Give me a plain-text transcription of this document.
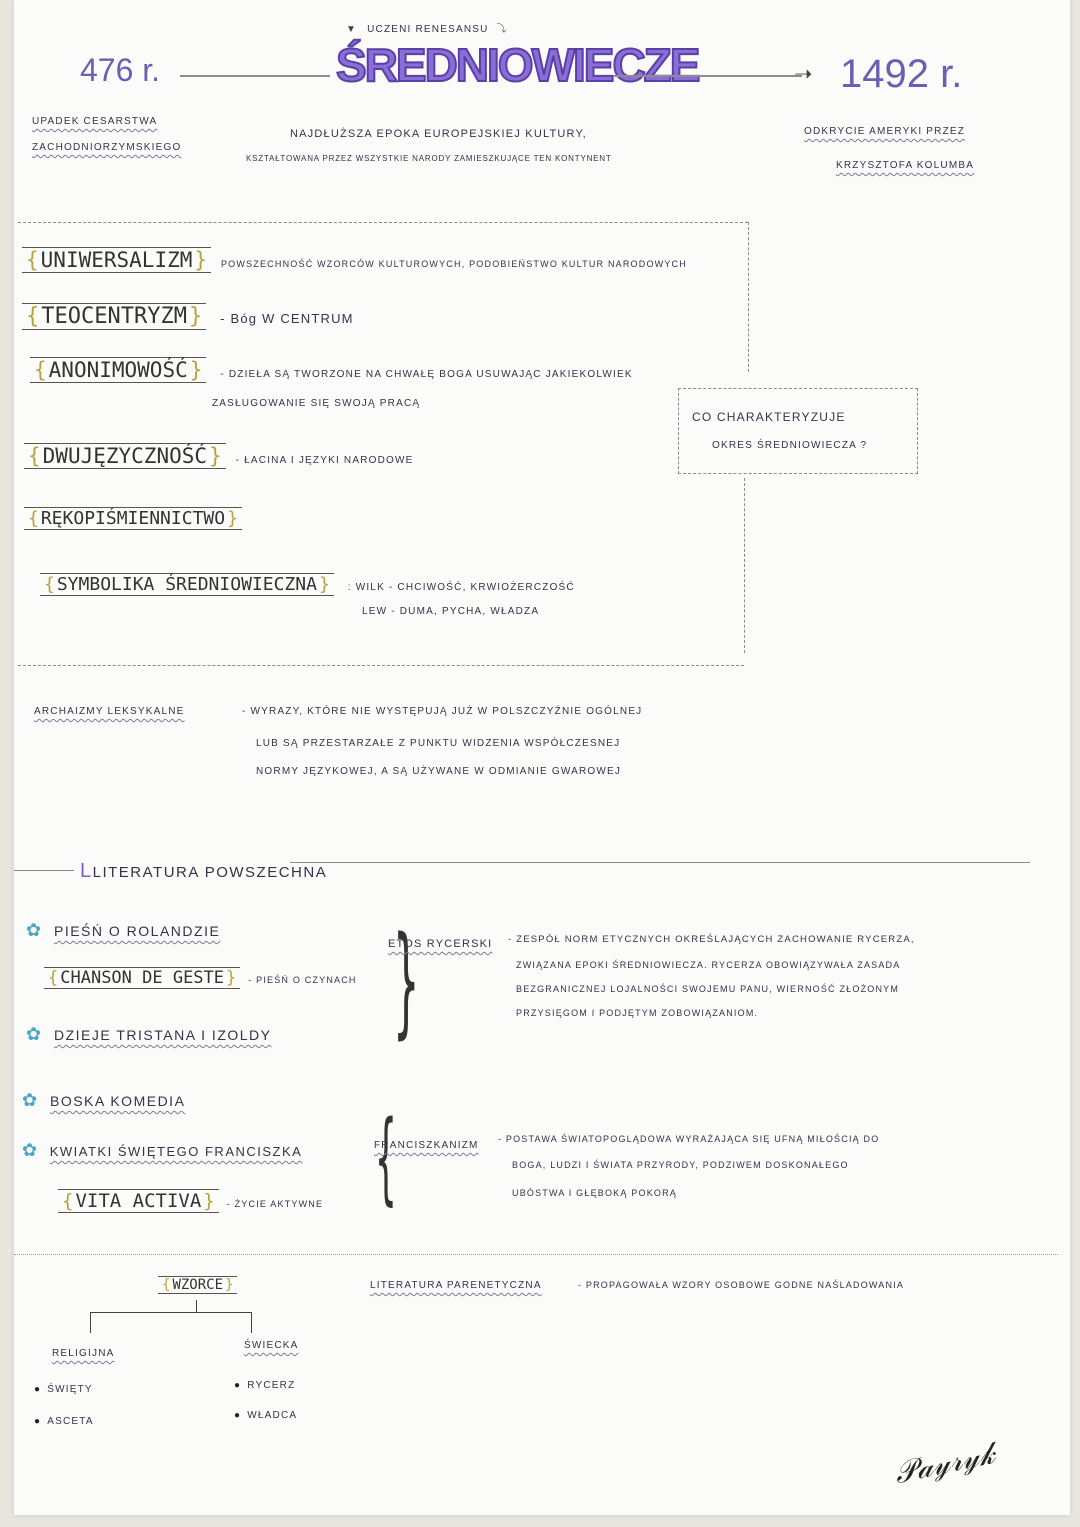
▼ UCZENI RENESANSU ⤵
476 r.	ŚREDNIOWIECZE	➝ 1492 r.
UPADEK CESARSTWA
ZACHODNIORZYMSKIEGO
NAJDŁUŻSZA EPOKA EUROPEJSKIEJ KULTURY,
KSZTAŁTOWANA PRZEZ WSZYSTKIE NARODY ZAMIESZKUJĄCE TEN KONTYNENT
ODKRYCIE AMERYKI PRZEZ
KRZYSZTOFA KOLUMBA
{ UNIWERSALIZM }	POWSZECHNOŚĆ WZORCÓW KULTUROWYCH, PODOBIEŃSTWO KULTUR NARODOWYCH
{ TEOCENTRYZM }	- Bóg W CENTRUM
{ ANONIMOWOŚĆ }	- DZIEŁA SĄ TWORZONE NA CHWAŁĘ BOGA USUWAJĄC JAKIEKOLWIEK
ZASŁUGOWANIE SIĘ SWOJĄ PRACĄ
{ DWUJĘZYCZNOŚĆ }	- ŁACINA I JĘZYKI NARODOWE
{ RĘKOPIŚMIENNICTWO }
{ SYMBOLIKA ŚREDNIOWIECZNA }	: WILK - CHCIWOŚĆ, KRWIOŻERCZOŚĆ
LEW - DUMA, PYCHA, WŁADZA
CO CHARAKTERYZUJE
OKRES ŚREDNIOWIECZA ?
ARCHAIZMY LEKSYKALNE	- WYRAZY, KTÓRE NIE WYSTĘPUJĄ JUŻ W POLSZCZYŹNIE OGÓLNEJ
LUB SĄ PRZESTARZAŁE Z PUNKTU WIDZENIA WSPÓŁCZESNEJ
NORMY JĘZYKOWEJ, A SĄ UŻYWANE W ODMIANIE GWAROWEJ
LLITERATURA POWSZECHNA
✿ PIEŚŃ O ROLANDZIE
{ CHANSON DE GESTE }	- PIEŚŃ O CZYNACH
✿ DZIEJE TRISTANA I IZOLDY }
ETOS RYCERSKI - ZESPÓŁ NORM ETYCZNYCH OKREŚLAJĄCYCH ZACHOWANIE RYCERZA,
ZWIĄZANA EPOKI ŚREDNIOWIECZA. RYCERZA OBOWIĄZYWAŁA ZASADA
BEZGRANICZNEJ LOJALNOŚCI SWOJEMU PANU, WIERNOŚĆ ZŁOŻONYM
PRZYSIĘGOM I PODJĘTYM ZOBOWIĄZANIOM.
✿ BOSKA KOMEDIA
✿ KWIATKI ŚWIĘTEGO FRANCISZKA
{ VITA ACTIVA }	- ŻYCIE AKTYWNE }
FRANCISZKANIZM
- POSTAWA ŚWIATOPOGLĄDOWA WYRAŻAJĄCA SIĘ UFNĄ MIŁOŚCIĄ DO
BOGA, LUDZI I ŚWIATA PRZYRODY, PODZIWEM DOSKONAŁEGO
UBÓSTWA I GŁĘBOKĄ POKORĄ
{ WZORCE }
RELIGIJNA
● ŚWIĘTY
● ASCETA
ŚWIECKA
● RYCERZ
● WŁADCA
LITERATURA PARENETYCZNA	- PROPAGOWAŁA WZORY OSOBOWE GODNE NAŚLADOWANIA
𝒫𝒶𝓎𝓇𝓎𝓀
